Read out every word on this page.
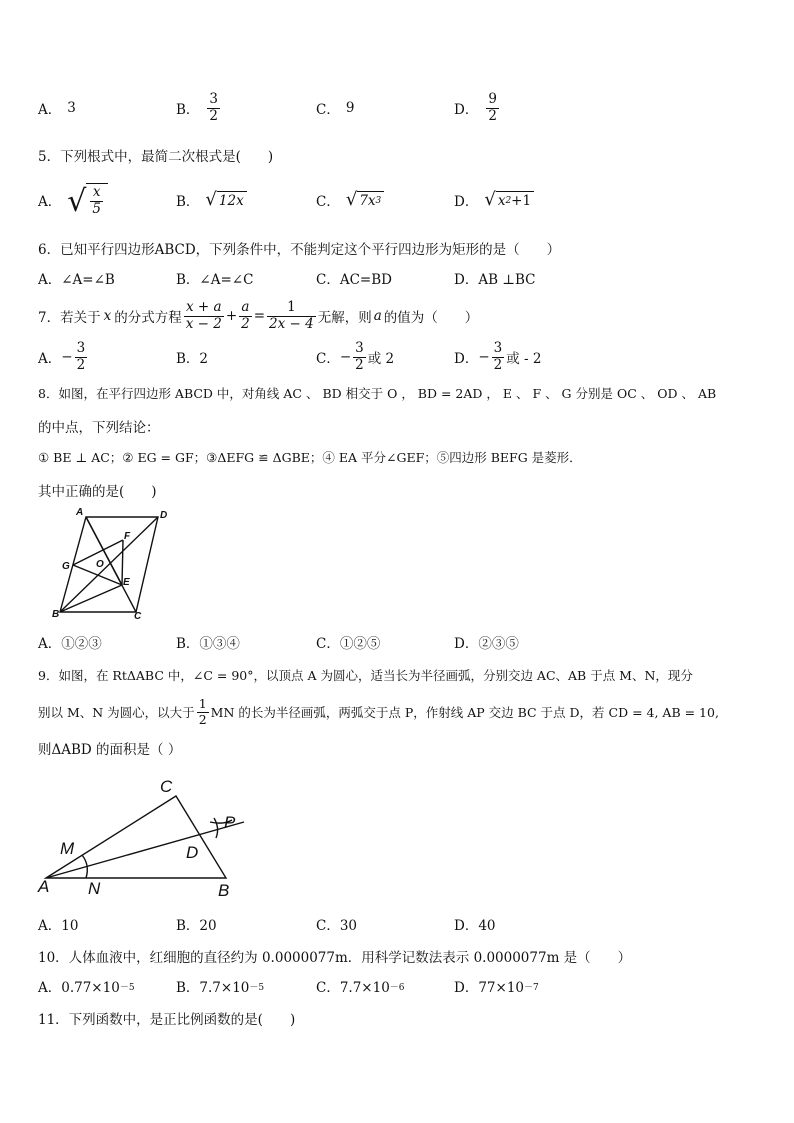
A． 3	B． $\frac{3}{2}$	C． 9	D． $\frac{9}{2}$
5．下列根式中，最简二次根式是(　　)
A． √ $\frac{x}{5}$	B． √ 12x	C． √ 7x 3	D． √ x 2 +1
6．已知平行四边形ABCD，下列条件中，不能判定这个平行四边形为矩形的是（　　）
A．∠A=∠B	B．∠A=∠C	C．AC=BD	D．AB ⊥BC
7．若关于 x 的分式方程 $\frac{x + a}{x - 2} + \frac{a}{2} = \frac{1}{2x - 4}$ 无解，则 a 的值为（　　）
A． − $\frac{3}{2}$	B．2	C． − $\frac{3}{2}$ 或 2	D． − $\frac{3}{2}$ 或 - 2
8．如图，在平行四边形 ABCD 中，对角线 AC 、 BD 相交于 O ， BD = 2AD ， E 、 F 、 G 分别是 OC 、 OD 、 AB
的中点，下列结论：
① BE ⊥ AC；② EG = GF；③ΔEFG ≌ ΔGBE；④ EA 平分∠GEF；⑤四边形 BEFG 是菱形．
其中正确的是(　　)
A	D
B	C
F
G	O
E
A．①②③	B．①③④	C．①②⑤	D．②③⑤
9．如图，在 RtΔABC 中，∠C = 90°，以顶点 A 为圆心，适当长为半径画弧，分别交边 AC、AB 于点 M、N，现分
别以 M、N 为圆心，以大于 $\frac{1}{2}$ MN 的长为半径画弧，两弧交于点 P，作射线 AP 交边 BC 于点 D，若 CD = 4, AB = 10,
则ΔABD 的面积是（ ）
C
A	B
D
M
N
P
A．10	B．20	C．30	D．40
10．人体血液中，红细胞的直径约为 0.0000077m．用科学记数法表示 0.0000077m 是（　　）
A．0.77×10 －5	B．7.7×10 －5	C．7.7×10 －6	D．77×10 －7
11．下列函数中，是正比例函数的是(　　)
